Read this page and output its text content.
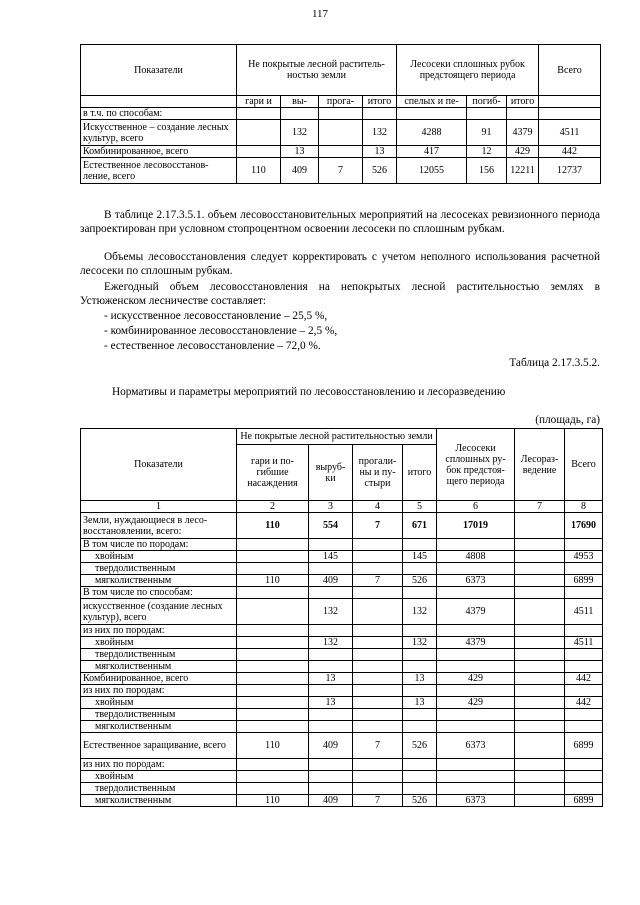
117
Показатели	Не покрытые лесной раститель-ностью земли				Лесосеки сплошных рубок предстоящего периода			Всего
	гари и	вы-	прога-	итого	спелых и пе-	погиб-	итого	
в т.ч. по способам:								
Искусственное – создание лесных культур, всего		132		132	4288	91	4379	4511
Комбинированное, всего		13		13	417	12	429	442
Естественное лесовосстанов-ление, всего	110	409	7	526	12055	156	12211	12737

В таблице 2.17.3.5.1. объем лесовосстановительных мероприятий на лесосеках ревизионного периода запроектирован при условном стопроцентном освоении лесосеки по сплошным рубкам.

Объемы лесовосстановления следует корректировать с учетом неполного использования расчетной лесосеки по сплошным рубкам.

Ежегодный объем лесовосстановления на непокрытых лесной растительностью землях в Устюженском лесничестве составляет:

- искусственное лесовосстановление – 25,5 %,

- комбинированное лесовосстановление – 2,5 %,

- естественное лесовосстановление – 72,0 %.

Таблица 2.17.3.5.2.

Нормативы и параметры мероприятий по лесовосстановлению и лесоразведению

(площадь, га)

Показатели	Не покрытые лесной растительностью земли				Лесосеки сплошных ру-бок предстоя-щего периода	Лесораз-ведение	Всего
	гари и по-гибшие насаждения	выруб-ки	прогали-ны и пу-стыри	итого			
1	2	3	4	5	6	7	8
Земли, нуждающиеся в лесо-восстановлении, всего:	110	554	7	671	17019		17690
В том числе по породам:							
хвойным		145		145	4808		4953
твердолиственным							
мягколиственным	110	409	7	526	6373		6899
В том числе по способам:							
искусственное (создание лесных культур), всего		132		132	4379		4511
из них по породам:							
хвойным		132		132	4379		4511
твердолиственным							
мягколиственным							
Комбинированное, всего		13		13	429		442
из них по породам:							
хвойным		13		13	429		442
твердолиственным							
мягколиственным							
Естественное заращивание, всего	110	409	7	526	6373		6899
из них по породам:							
хвойным							
твердолиственным							
мягколиственным	110	409	7	526	6373		6899
